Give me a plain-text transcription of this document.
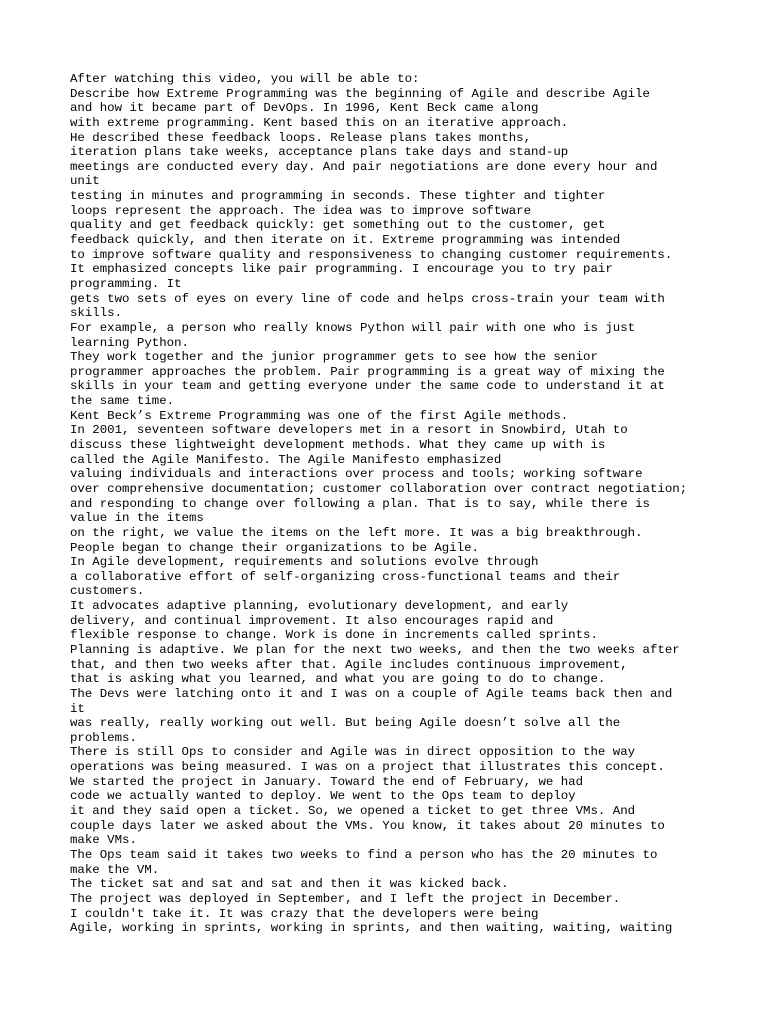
After watching this video, you will be able to:
Describe how Extreme Programming was the beginning of Agile and describe Agile
and how it became part of DevOps. In 1996, Kent Beck came along
with extreme programming. Kent based this on an iterative approach.
He described these feedback loops. Release plans takes months,
iteration plans take weeks, acceptance plans take days and stand-up
meetings are conducted every day. And pair negotiations are done every hour and
unit
testing in minutes and programming in seconds. These tighter and tighter
loops represent the approach. The idea was to improve software
quality and get feedback quickly: get something out to the customer, get
feedback quickly, and then iterate on it. Extreme programming was intended
to improve software quality and responsiveness to changing customer requirements.
It emphasized concepts like pair programming. I encourage you to try pair
programming. It
gets two sets of eyes on every line of code and helps cross-train your team with
skills.
For example, a person who really knows Python will pair with one who is just
learning Python.
They work together and the junior programmer gets to see how the senior
programmer approaches the problem. Pair programming is a great way of mixing the
skills in your team and getting everyone under the same code to understand it at
the same time.
Kent Beck’s Extreme Programming was one of the first Agile methods.
In 2001, seventeen software developers met in a resort in Snowbird, Utah to
discuss these lightweight development methods. What they came up with is
called the Agile Manifesto. The Agile Manifesto emphasized
valuing individuals and interactions over process and tools; working software
over comprehensive documentation; customer collaboration over contract negotiation;
and responding to change over following a plan. That is to say, while there is
value in the items
on the right, we value the items on the left more. It was a big breakthrough.
People began to change their organizations to be Agile.
In Agile development, requirements and solutions evolve through
a collaborative effort of self-organizing cross-functional teams and their
customers.
It advocates adaptive planning, evolutionary development, and early
delivery, and continual improvement. It also encourages rapid and
flexible response to change. Work is done in increments called sprints.
Planning is adaptive. We plan for the next two weeks, and then the two weeks after
that, and then two weeks after that. Agile includes continuous improvement,
that is asking what you learned, and what you are going to do to change.
The Devs were latching onto it and I was on a couple of Agile teams back then and
it
was really, really working out well. But being Agile doesn’t solve all the
problems.
There is still Ops to consider and Agile was in direct opposition to the way
operations was being measured. I was on a project that illustrates this concept.
We started the project in January. Toward the end of February, we had
code we actually wanted to deploy. We went to the Ops team to deploy
it and they said open a ticket. So, we opened a ticket to get three VMs. And
couple days later we asked about the VMs. You know, it takes about 20 minutes to
make VMs.
The Ops team said it takes two weeks to find a person who has the 20 minutes to
make the VM.
The ticket sat and sat and sat and then it was kicked back.
The project was deployed in September, and I left the project in December.
I couldn't take it. It was crazy that the developers were being
Agile, working in sprints, working in sprints, and then waiting, waiting, waiting
